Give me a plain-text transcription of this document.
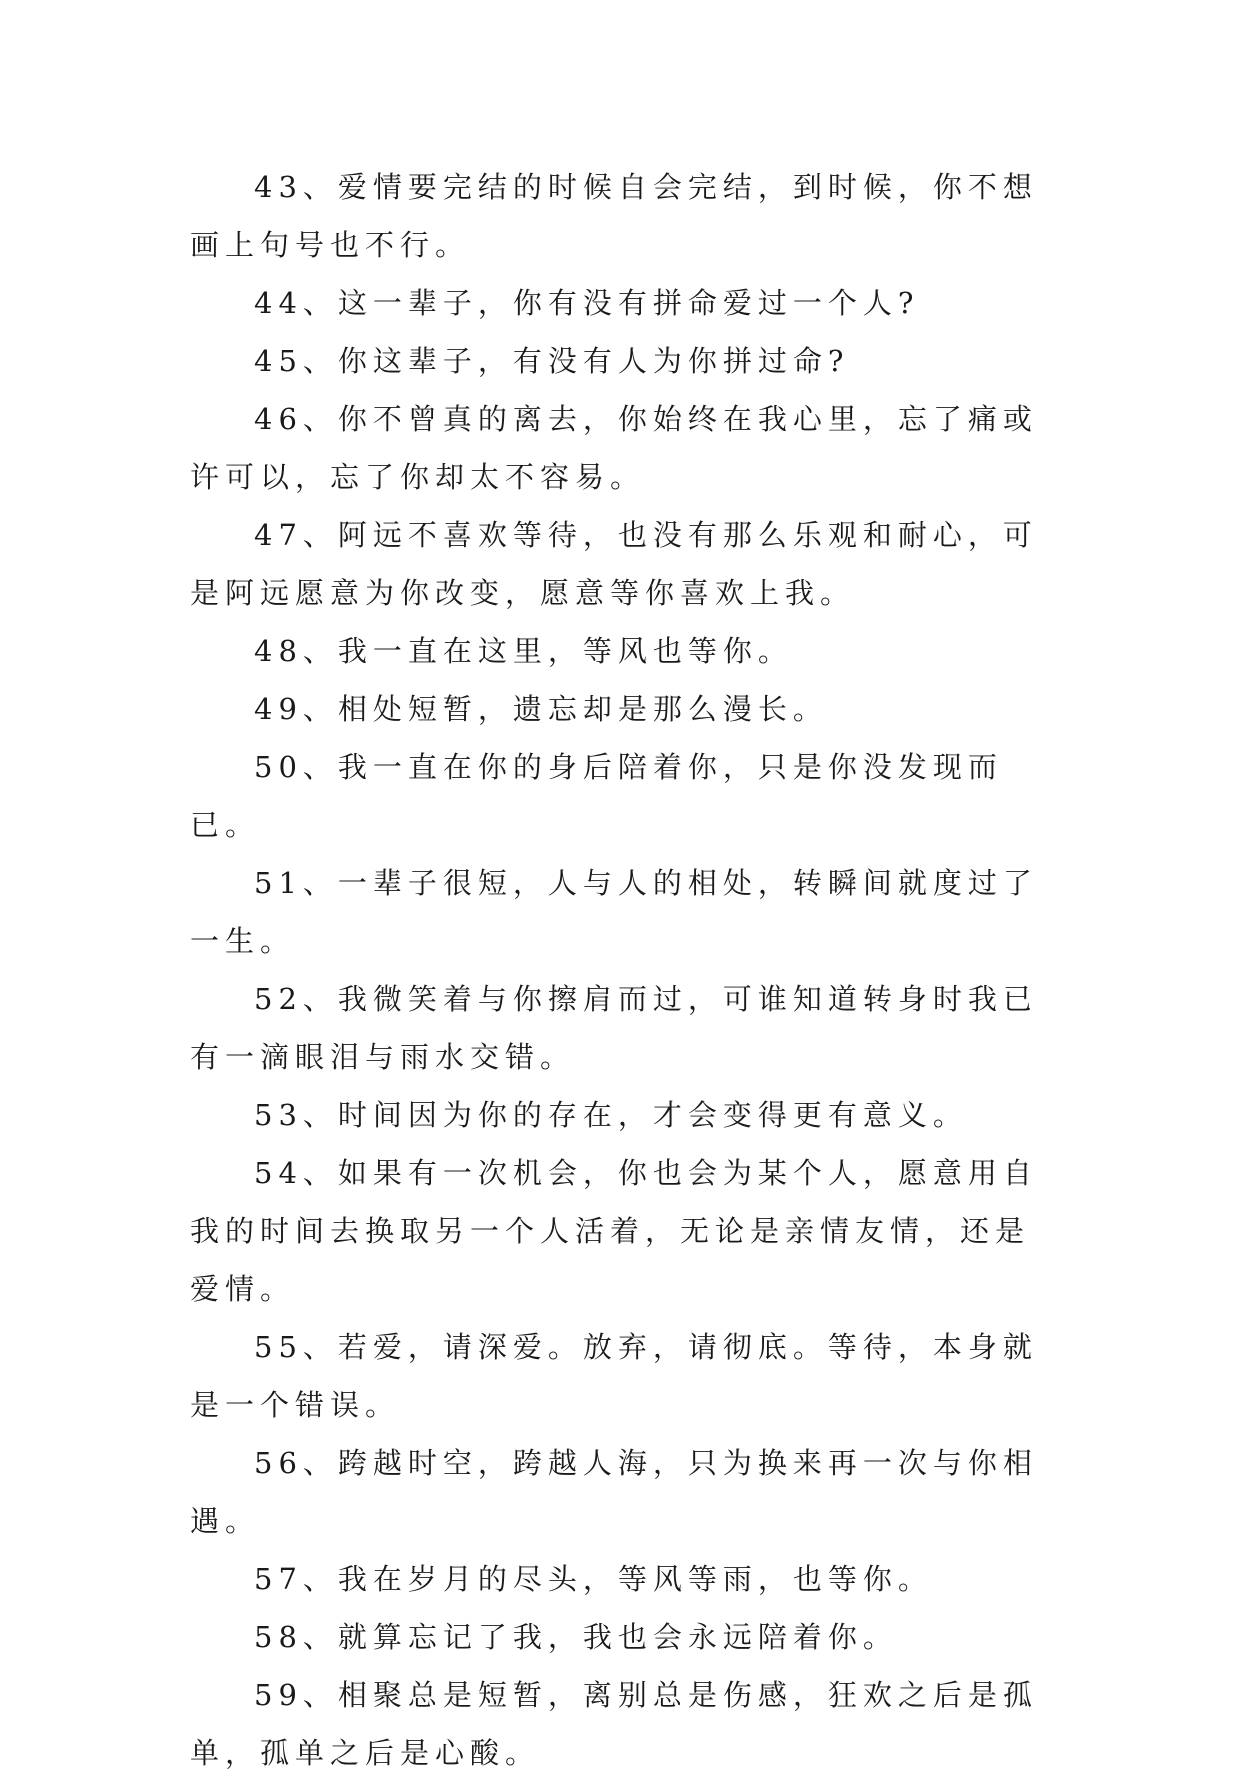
43、爱情要完结的时候自会完结，到时候，你不想画上句号也不行。

44、这一辈子，你有没有拼命爱过一个人?

45、你这辈子，有没有人为你拼过命?

46、你不曾真的离去，你始终在我心里，忘了痛或许可以，忘了你却太不容易。

47、阿远不喜欢等待，也没有那么乐观和耐心，可是阿远愿意为你改变，愿意等你喜欢上我。

48、我一直在这里，等风也等你。

49、相处短暂，遗忘却是那么漫长。

50、我一直在你的身后陪着你，只是你没发现而已。

51、一辈子很短，人与人的相处，转瞬间就度过了一生。

52、我微笑着与你擦肩而过，可谁知道转身时我已有一滴眼泪与雨水交错。

53、时间因为你的存在，才会变得更有意义。

54、如果有一次机会，你也会为某个人，愿意用自我的时间去换取另一个人活着，无论是亲情友情，还是爱情。

55、若爱，请深爱。放弃，请彻底。等待，本身就是一个错误。

56、跨越时空，跨越人海，只为换来再一次与你相遇。

57、我在岁月的尽头，等风等雨，也等你。

58、就算忘记了我，我也会永远陪着你。

59、相聚总是短暂，离别总是伤感，狂欢之后是孤单，孤单之后是心酸。
